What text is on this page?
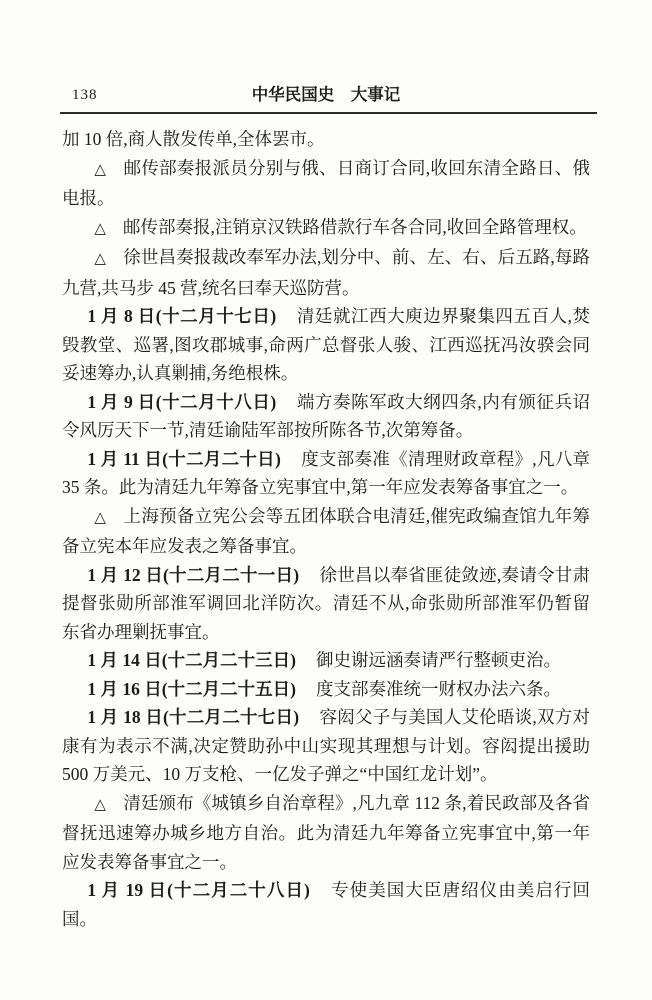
138	中华民国史　大事记

加 10 倍,商人散发传单,全体罢市。

△ 邮传部奏报派员分别与俄、日商订合同,收回东清全路日、俄电报。

△ 邮传部奏报,注销京汉铁路借款行车各合同,收回全路管理权。

△ 徐世昌奏报裁改奉军办法,划分中、前、左、右、后五路,每路九营,共马步 45 营,统名曰奉天巡防营。

1 月 8 日(十二月十七日) 清廷就江西大庾边界聚集四五百人,焚毁教堂、巡署,图攻郡城事,命两广总督张人骏、江西巡抚冯汝骙会同妥速筹办,认真剿捕,务绝根株。

1 月 9 日(十二月十八日) 端方奏陈军政大纲四条,内有颁征兵诏令风厉天下一节,清廷谕陆军部按所陈各节,次第筹备。

1 月 11 日(十二月二十日) 度支部奏准《清理财政章程》,凡八章 35 条。此为清廷九年筹备立宪事宜中,第一年应发表筹备事宜之一。

△ 上海预备立宪公会等五团体联合电清廷,催宪政编查馆九年筹备立宪本年应发表之筹备事宜。

1 月 12 日(十二月二十一日) 徐世昌以奉省匪徒敛迹,奏请令甘肃提督张勋所部淮军调回北洋防次。清廷不从,命张勋所部淮军仍暂留东省办理剿抚事宜。

1 月 14 日(十二月二十三日) 御史谢远涵奏请严行整顿吏治。

1 月 16 日(十二月二十五日) 度支部奏准统一财权办法六条。

1 月 18 日(十二月二十七日) 容闳父子与美国人艾伦晤谈,双方对康有为表示不满,决定赞助孙中山实现其理想与计划。容闳提出援助 500 万美元、10 万支枪、一亿发子弹之“中国红龙计划”。

△ 清廷颁布《城镇乡自治章程》,凡九章 112 条,着民政部及各省督抚迅速筹办城乡地方自治。此为清廷九年筹备立宪事宜中,第一年应发表筹备事宜之一。

1 月 19 日(十二月二十八日) 专使美国大臣唐绍仪由美启行回国。
